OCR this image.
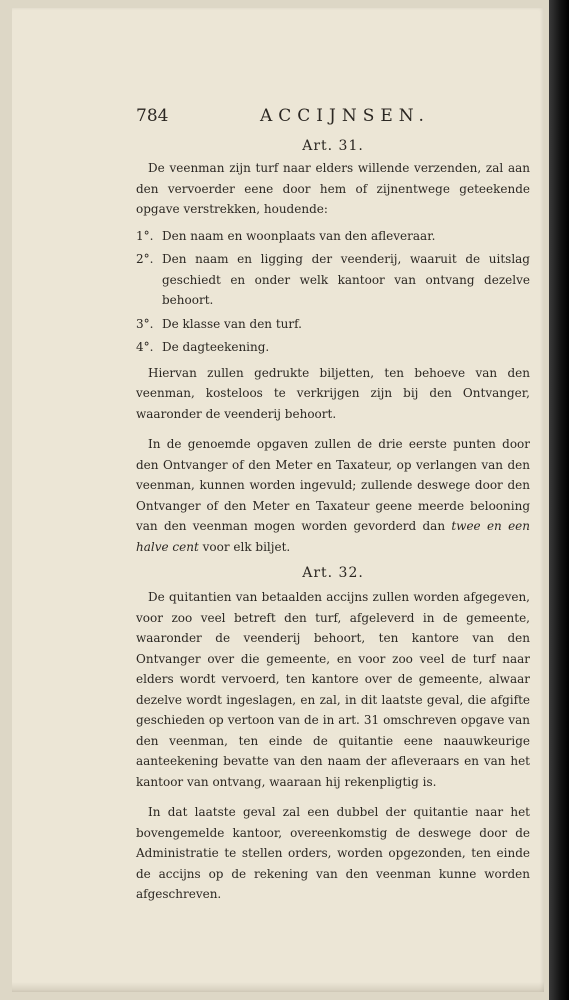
784	ACCIJNSEN.
Art. 31.

De veenman zijn turf naar elders willende verzenden, zal aan den vervoerder eene door hem of zijnentwege geteekende opgave verstrekken, houdende:

1°. Den naam en woonplaats van den afleveraar.
2°. Den naam en ligging der veenderij, waaruit de uitslag geschiedt en onder welk kantoor van ontvang dezelve behoort.
3°. De klasse van den turf.
4°. De dagteekening.

Hiervan zullen gedrukte biljetten, ten behoeve van den veenman, kosteloos te verkrijgen zijn bij den Ontvanger, waaronder de veenderij behoort.

In de genoemde opgaven zullen de drie eerste punten door den Ontvanger of den Meter en Taxateur, op verlangen van den veenman, kunnen worden ingevuld; zullende deswege door den Ontvanger of den Meter en Taxateur geene meerde belooning van den veenman mogen worden gevorderd dan twee en een halve cent voor elk biljet.

Art. 32.

De quitantien van betaalden accijns zullen worden afgegeven, voor zoo veel betreft den turf, afgeleverd in de gemeente, waaronder de veenderij behoort, ten kantore van den Ontvanger over die gemeente, en voor zoo veel de turf naar elders wordt vervoerd, ten kantore over de gemeente, alwaar dezelve wordt ingeslagen, en zal, in dit laatste geval, die afgifte geschieden op vertoon van de in art. 31 omschreven opgave van den veenman, ten einde de quitantie eene naauwkeurige aanteekening bevatte van den naam der afleveraars en van het kantoor van ontvang, waaraan hij rekenpligtig is.

In dat laatste geval zal een dubbel der quitantie naar het bovengemelde kantoor, overeenkomstig de deswege door de Administratie te stellen orders, worden opgezonden, ten einde de accijns op de rekening van den veenman kunne worden afgeschreven.
